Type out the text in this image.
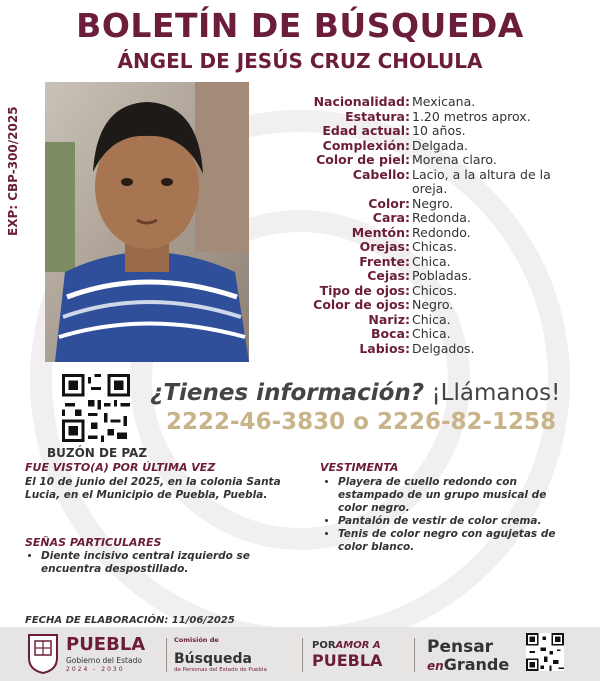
BOLETÍN DE BÚSQUEDA
ÁNGEL DE JESÚS CRUZ CHOLULA
EXP: CBP-300/2025
Nacionalidad: Mexicana.
Estatura: 1.20 metros aprox.
Edad actual: 10 años.
Complexión: Delgada.
Color de piel: Morena claro.
Cabello: Lacio, a la altura de la oreja.
Color: Negro.
Cara: Redonda.
Mentón: Redondo.
Orejas: Chicas.
Frente: Chica.
Cejas: Pobladas.
Tipo de ojos: Chicos.
Color de ojos: Negro.
Nariz: Chica.
Boca: Chica.
Labios: Delgados.
BUZÓN DE PAZ
¿Tienes información? ¡Llámanos!
2222-46-3830 o 2226-82-1258
FUE VISTO(A) POR ÚLTIMA VEZ
El 10 de junio del 2025, en la colonia Santa Lucia, en el Municipio de Puebla, Puebla.
SEÑAS PARTICULARES
• Diente incisivo central izquierdo se encuentra despostillado.
VESTIMENTA
• Playera de cuello redondo con estampado de un grupo musical de color negro.
• Pantalón de vestir de color crema.
• Tenis de color negro con agujetas de color blanco.
FECHA DE ELABORACIÓN: 11/06/2025
PUEBLA
Gobierno del Estado
2024 - 2030
Comisión de
Búsqueda
de Personas del Estado de Puebla
PORAMOR A
PUEBLA
Pensar
enGrande
